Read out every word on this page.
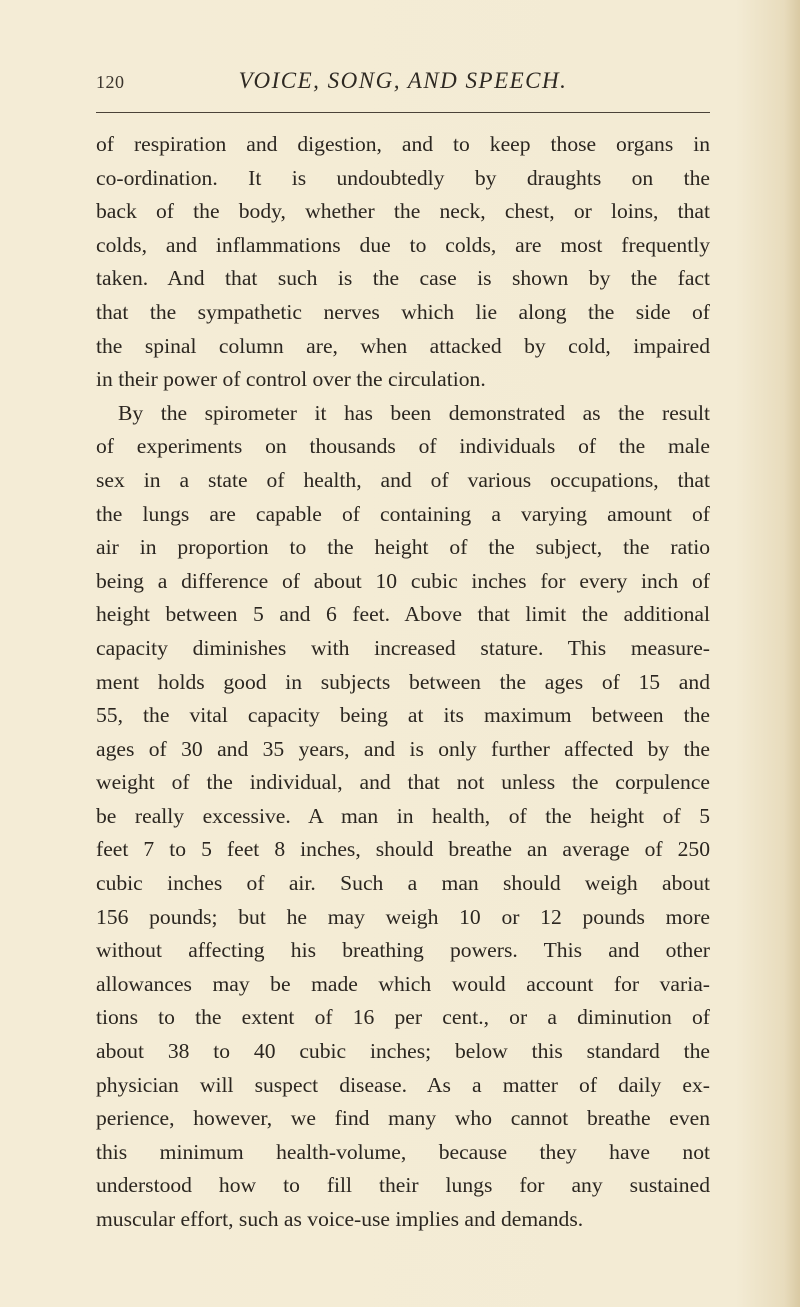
120	VOICE, SONG, AND SPEECH.
of respiration and digestion, and to keep those organs in
co-ordination. It is undoubtedly by draughts on the
back of the body, whether the neck, chest, or loins, that
colds, and inflammations due to colds, are most frequently
taken. And that such is the case is shown by the fact
that the sympathetic nerves which lie along the side of
the spinal column are, when attacked by cold, impaired
in their power of control over the circulation.
By the spirometer it has been demonstrated as the result
of experiments on thousands of individuals of the male
sex in a state of health, and of various occupations, that
the lungs are capable of containing a varying amount of
air in proportion to the height of the subject, the ratio
being a difference of about 10 cubic inches for every inch of
height between 5 and 6 feet. Above that limit the additional
capacity diminishes with increased stature. This measure-
ment holds good in subjects between the ages of 15 and
55, the vital capacity being at its maximum between the
ages of 30 and 35 years, and is only further affected by the
weight of the individual, and that not unless the corpulence
be really excessive. A man in health, of the height of 5
feet 7 to 5 feet 8 inches, should breathe an average of 250
cubic inches of air. Such a man should weigh about
156 pounds; but he may weigh 10 or 12 pounds more
without affecting his breathing powers. This and other
allowances may be made which would account for varia-
tions to the extent of 16 per cent., or a diminution of
about 38 to 40 cubic inches; below this standard the
physician will suspect disease. As a matter of daily ex-
perience, however, we find many who cannot breathe even
this minimum health-volume, because they have not
understood how to fill their lungs for any sustained
muscular effort, such as voice-use implies and demands.
